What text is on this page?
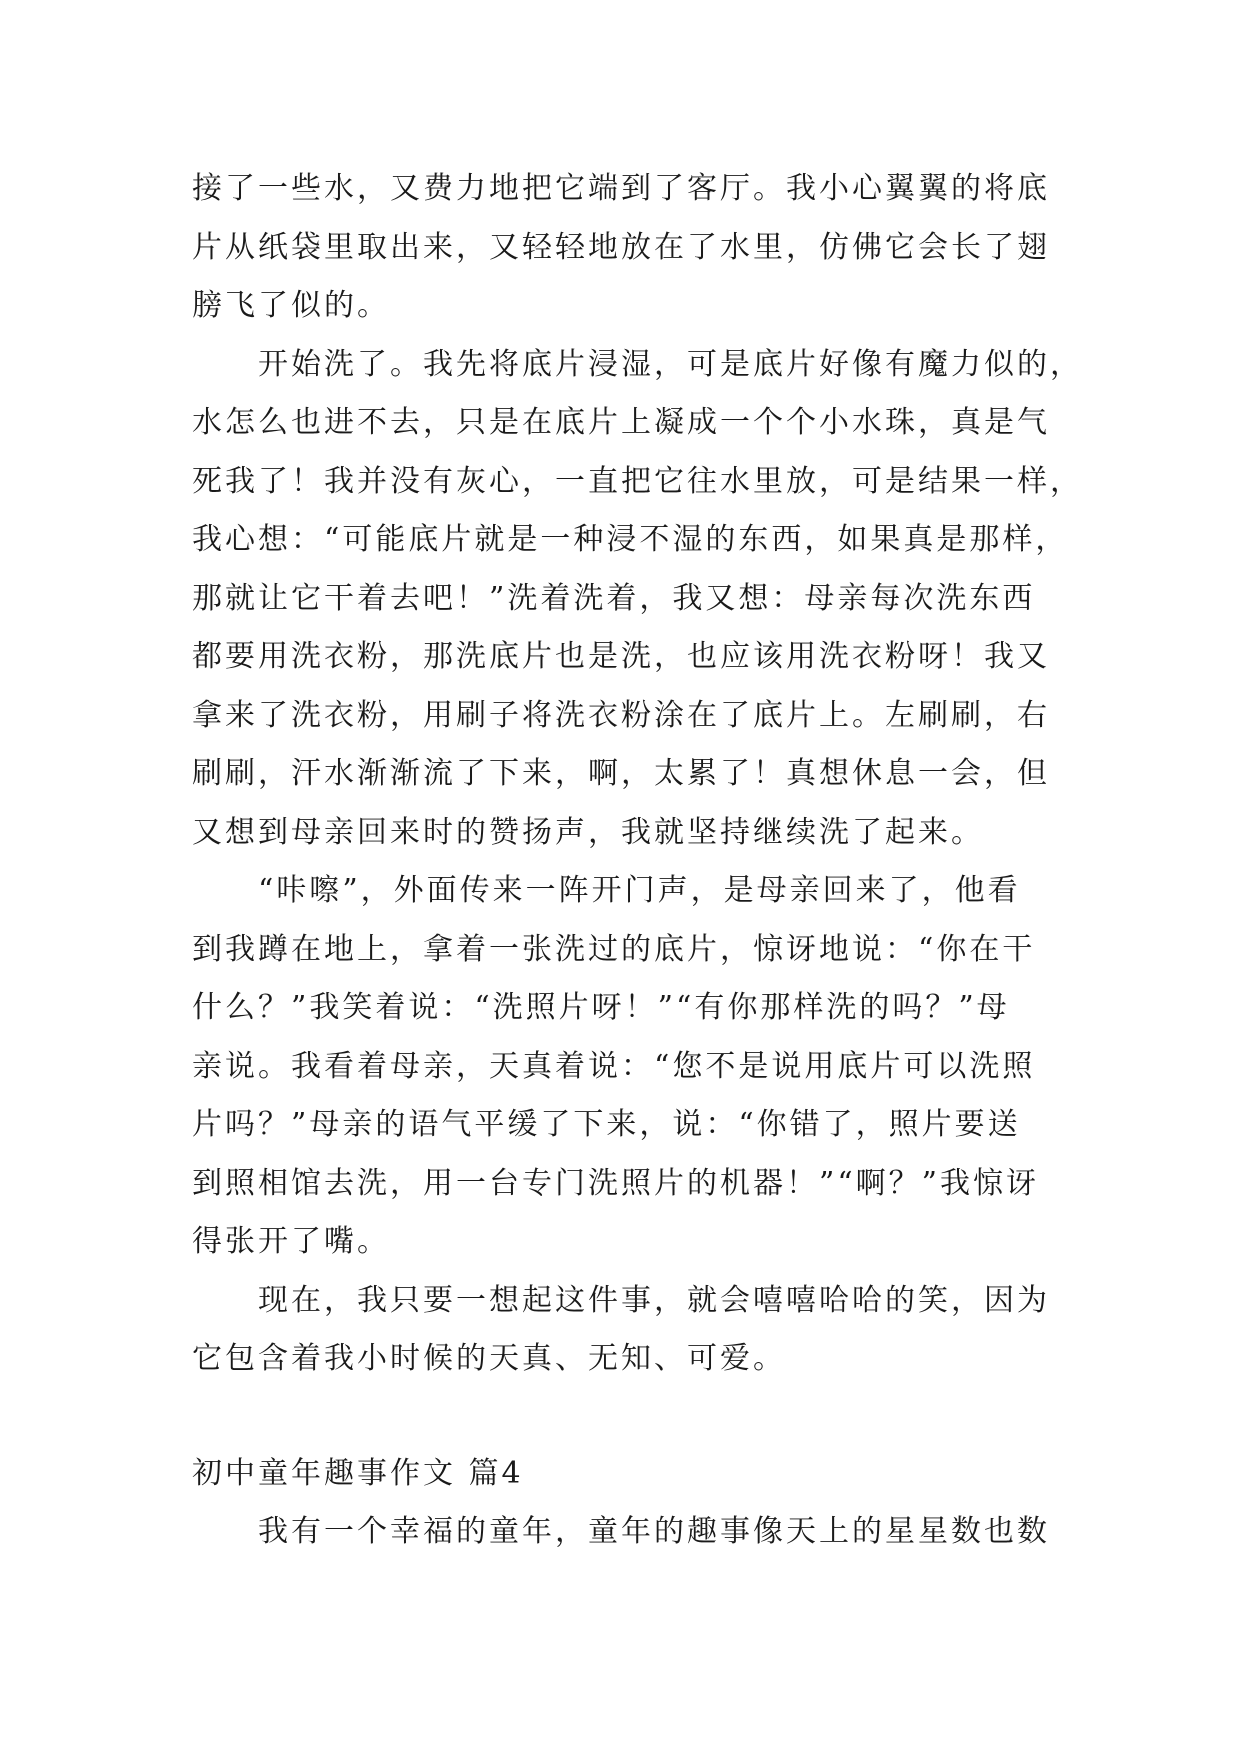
接了一些水，又费力地把它端到了客厅。我小心翼翼的将底
片从纸袋里取出来，又轻轻地放在了水里，仿佛它会长了翅
膀飞了似的。
　　开始洗了。我先将底片浸湿，可是底片好像有魔力似的，
水怎么也进不去，只是在底片上凝成一个个小水珠，真是气
死我了！我并没有灰心，一直把它往水里放，可是结果一样，
我心想：“可能底片就是一种浸不湿的东西，如果真是那样，
那就让它干着去吧！”洗着洗着，我又想：母亲每次洗东西
都要用洗衣粉，那洗底片也是洗，也应该用洗衣粉呀！我又
拿来了洗衣粉，用刷子将洗衣粉涂在了底片上。左刷刷，右
刷刷，汗水渐渐流了下来，啊，太累了！真想休息一会，但
又想到母亲回来时的赞扬声，我就坚持继续洗了起来。
　　“咔嚓”，外面传来一阵开门声，是母亲回来了，他看
到我蹲在地上，拿着一张洗过的底片，惊讶地说：“你在干
什么？”我笑着说：“洗照片呀！”“有你那样洗的吗？”母
亲说。我看着母亲，天真着说：“您不是说用底片可以洗照
片吗？”母亲的语气平缓了下来，说：“你错了，照片要送
到照相馆去洗，用一台专门洗照片的机器！”“啊？”我惊讶
得张开了嘴。
　　现在，我只要一想起这件事，就会嘻嘻哈哈的笑，因为
它包含着我小时候的天真、无知、可爱。
初中童年趣事作文 篇4
　　我有一个幸福的童年，童年的趣事像天上的星星数也数
